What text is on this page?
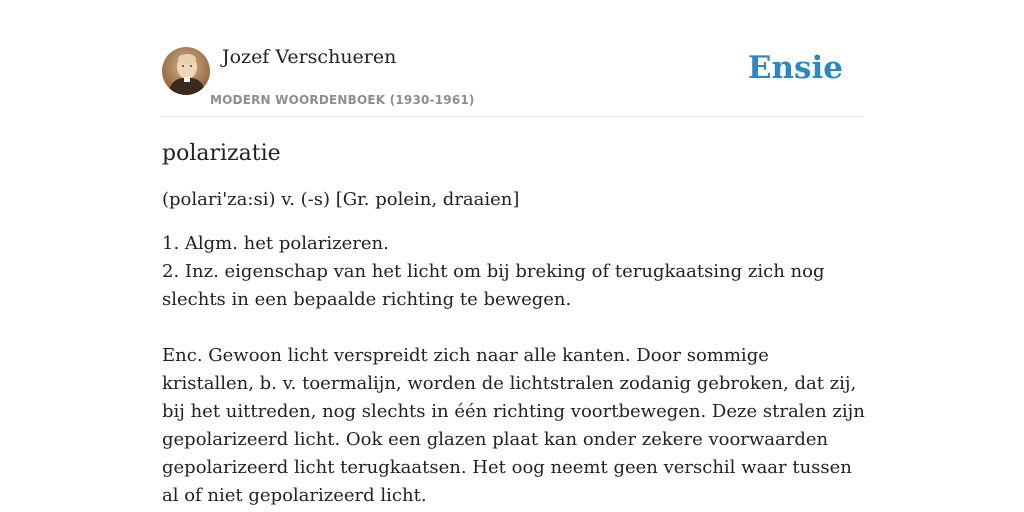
Jozef Verschueren
MODERN WOORDENBOEK (1930-1961)
Ensie
polarizatie

(polari'za:si) v. (-s) [Gr. polein, draaien]

1. Algm. het polarizeren.

2. Inz. eigenschap van het licht om bij breking of terugkaatsing zich nog slechts in een bepaalde richting te bewegen.

Enc. Gewoon licht verspreidt zich naar alle kanten. Door sommige kristallen, b. v. toermalijn, worden de lichtstralen zodanig gebroken, dat zij, bij het uittreden, nog slechts in één richting voortbewegen. Deze stralen zijn gepolarizeerd licht. Ook een glazen plaat kan onder zekere voorwaarden gepolarizeerd licht terugkaatsen. Het oog neemt geen verschil waar tussen al of niet gepolarizeerd licht.
